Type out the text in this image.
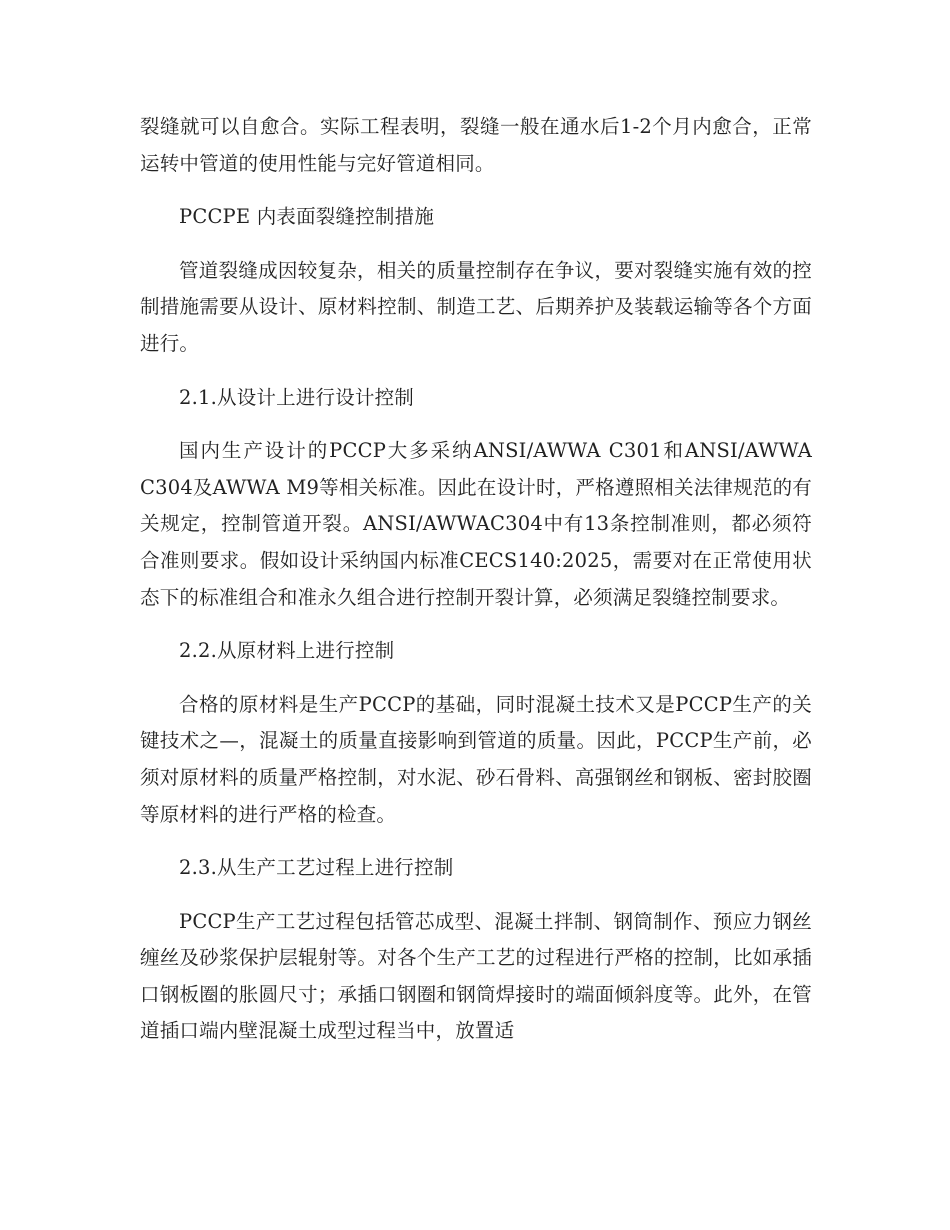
裂缝就可以自愈合。实际工程表明，裂缝一般在通水后1-2个月内愈合，正常运转中管道的使用性能与完好管道相同。

PCCPE 内表面裂缝控制措施

管道裂缝成因较复杂，相关的质量控制存在争议，要对裂缝实施有效的控制措施需要从设计、原材料控制、制造工艺、后期养护及装载运输等各个方面进行。

2.1.从设计上进行设计控制

国内生产设计的PCCP大多采纳ANSI/AWWA C301和ANSI/AWWA C304及AWWA M9等相关标准。因此在设计时，严格遵照相关法律规范的有关规定，控制管道开裂。ANSI/AWWAC304中有13条控制准则，都必须符合准则要求。假如设计采纳国内标准CECS140:2025，需要对在正常使用状态下的标准组合和准永久组合进行控制开裂计算，必须满足裂缝控制要求。

2.2.从原材料上进行控制

合格的原材料是生产PCCP的基础，同时混凝土技术又是PCCP生产的关键技术之—，混凝土的质量直接影响到管道的质量。因此，PCCP生产前，必须对原材料的质量严格控制，对水泥、砂石骨料、高强钢丝和钢板、密封胶圈等原材料的进行严格的检查。

2.3.从生产工艺过程上进行控制

PCCP生产工艺过程包括管芯成型、混凝土拌制、钢筒制作、预应力钢丝缠丝及砂浆保护层辊射等。对各个生产工艺的过程进行严格的控制，比如承插口钢板圈的胀圆尺寸；承插口钢圈和钢筒焊接时的端面倾斜度等。此外，在管道插口端内壁混凝土成型过程当中，放置适
